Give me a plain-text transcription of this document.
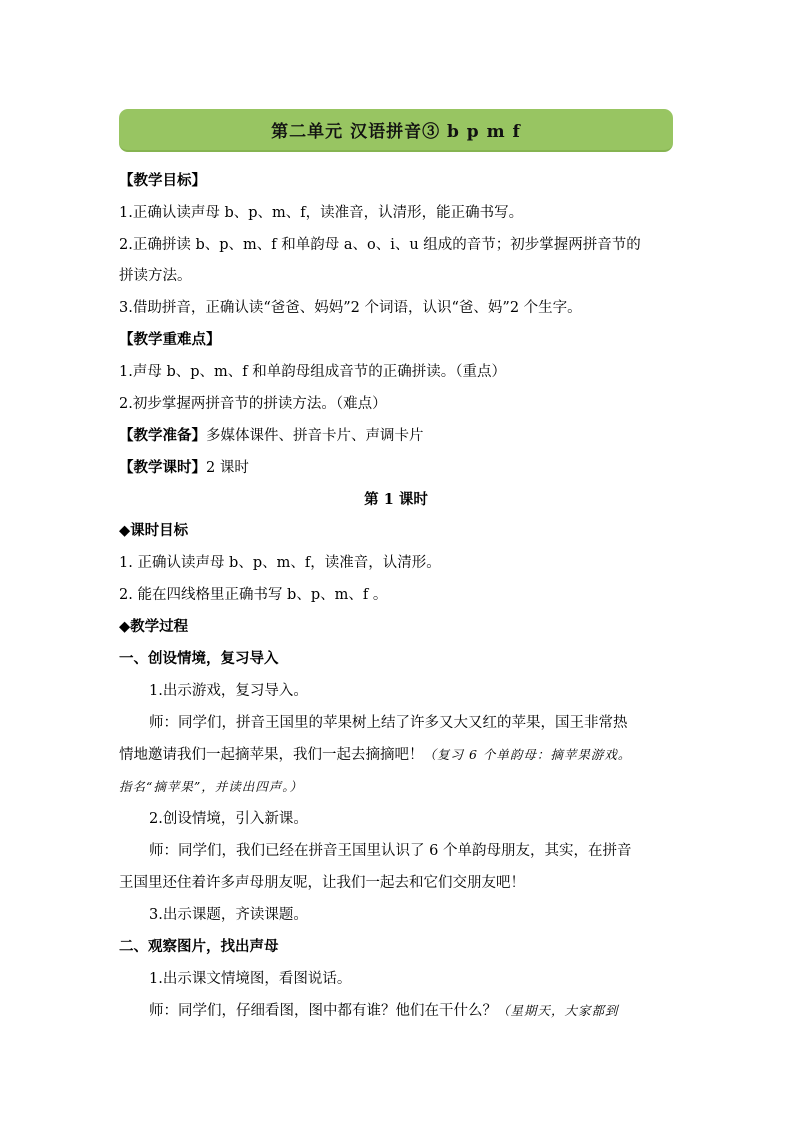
第二单元 汉语拼音③ b p m f
【教学目标】
1.正确认读声母 b、p、m、f，读准音，认清形，能正确书写。
2.正确拼读 b、p、m、f 和单韵母 a、o、i、u 组成的音节；初步掌握两拼音节的
拼读方法。
3.借助拼音，正确认读“爸爸、妈妈”2 个词语，认识“爸、妈”2 个生字。
【教学重难点】
1.声母 b、p、m、f 和单韵母组成音节的正确拼读。（重点）
2.初步掌握两拼音节的拼读方法。（难点）
【教学准备】多媒体课件、拼音卡片、声调卡片
【教学课时】2 课时
第 1 课时
◆课时目标
1. 正确认读声母 b、p、m、f，读准音，认清形。
2. 能在四线格里正确书写 b、p、m、f 。
◆教学过程
一、创设情境，复习导入
1.出示游戏，复习导入。
师：同学们，拼音王国里的苹果树上结了许多又大又红的苹果，国王非常热
情地邀请我们一起摘苹果，我们一起去摘摘吧！（复习 6 个单韵母：摘苹果游戏。
指名“摘苹果”，并读出四声。）
2.创设情境，引入新课。
师：同学们，我们已经在拼音王国里认识了 6 个单韵母朋友，其实，在拼音
王国里还住着许多声母朋友呢，让我们一起去和它们交朋友吧！
3.出示课题，齐读课题。
二、观察图片，找出声母
1.出示课文情境图，看图说话。
师：同学们，仔细看图，图中都有谁？他们在干什么？（星期天，大家都到
